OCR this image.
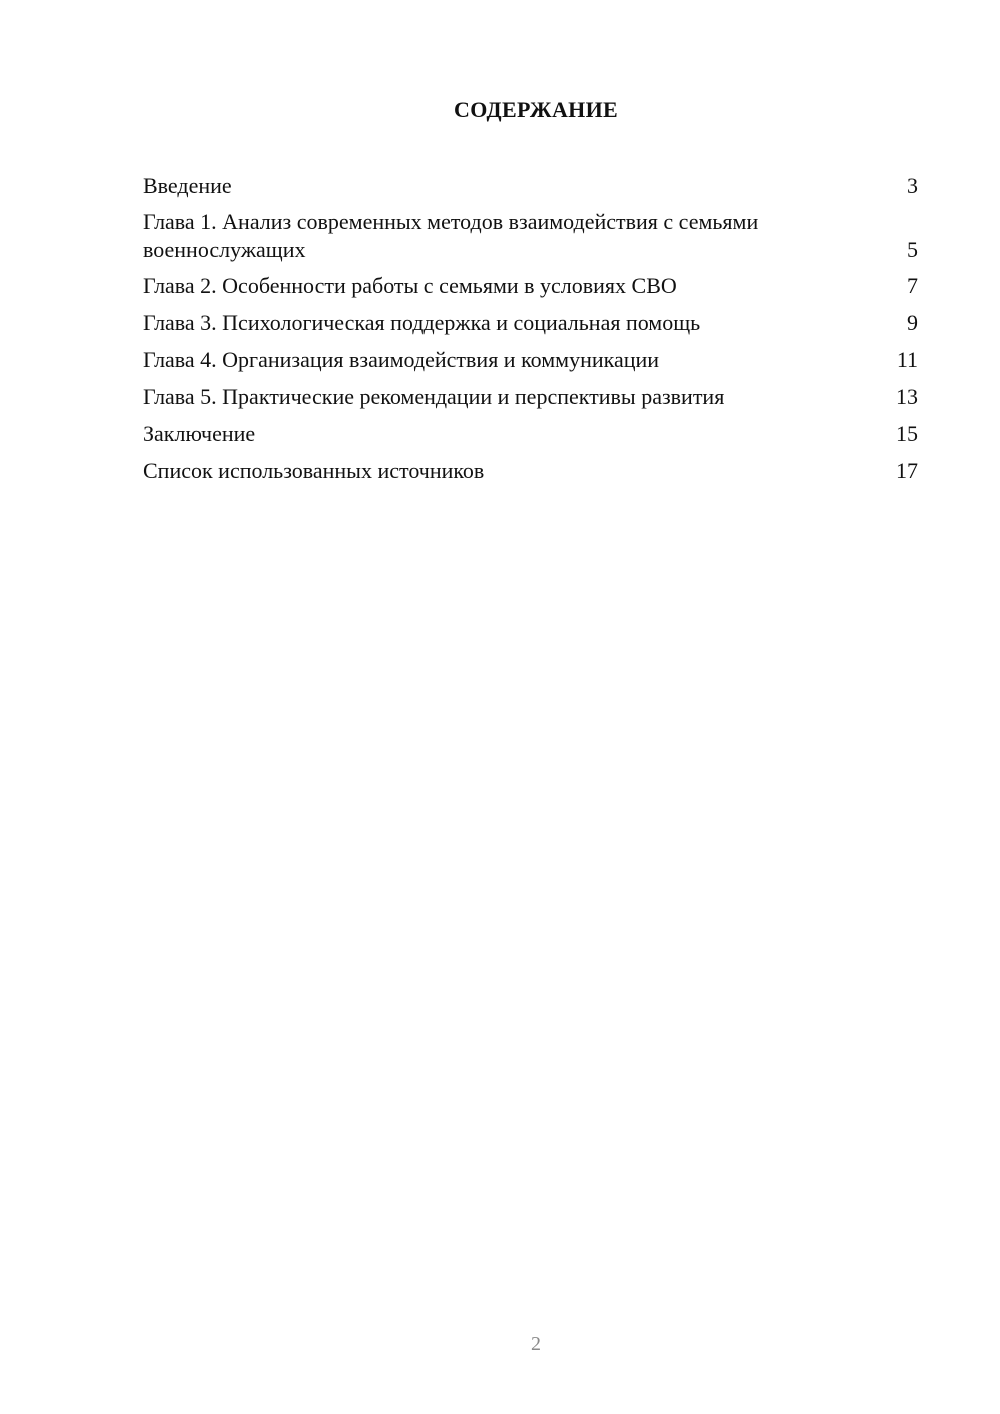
СОДЕРЖАНИЕ
Введение	3
Глава 1. Анализ современных методов взаимодействия с семьями военнослужащих	5
Глава 2. Особенности работы с семьями в условиях СВО	7
Глава 3. Психологическая поддержка и социальная помощь	9
Глава 4. Организация взаимодействия и коммуникации	11
Глава 5. Практические рекомендации и перспективы развития	13
Заключение	15
Список использованных источников	17
2
